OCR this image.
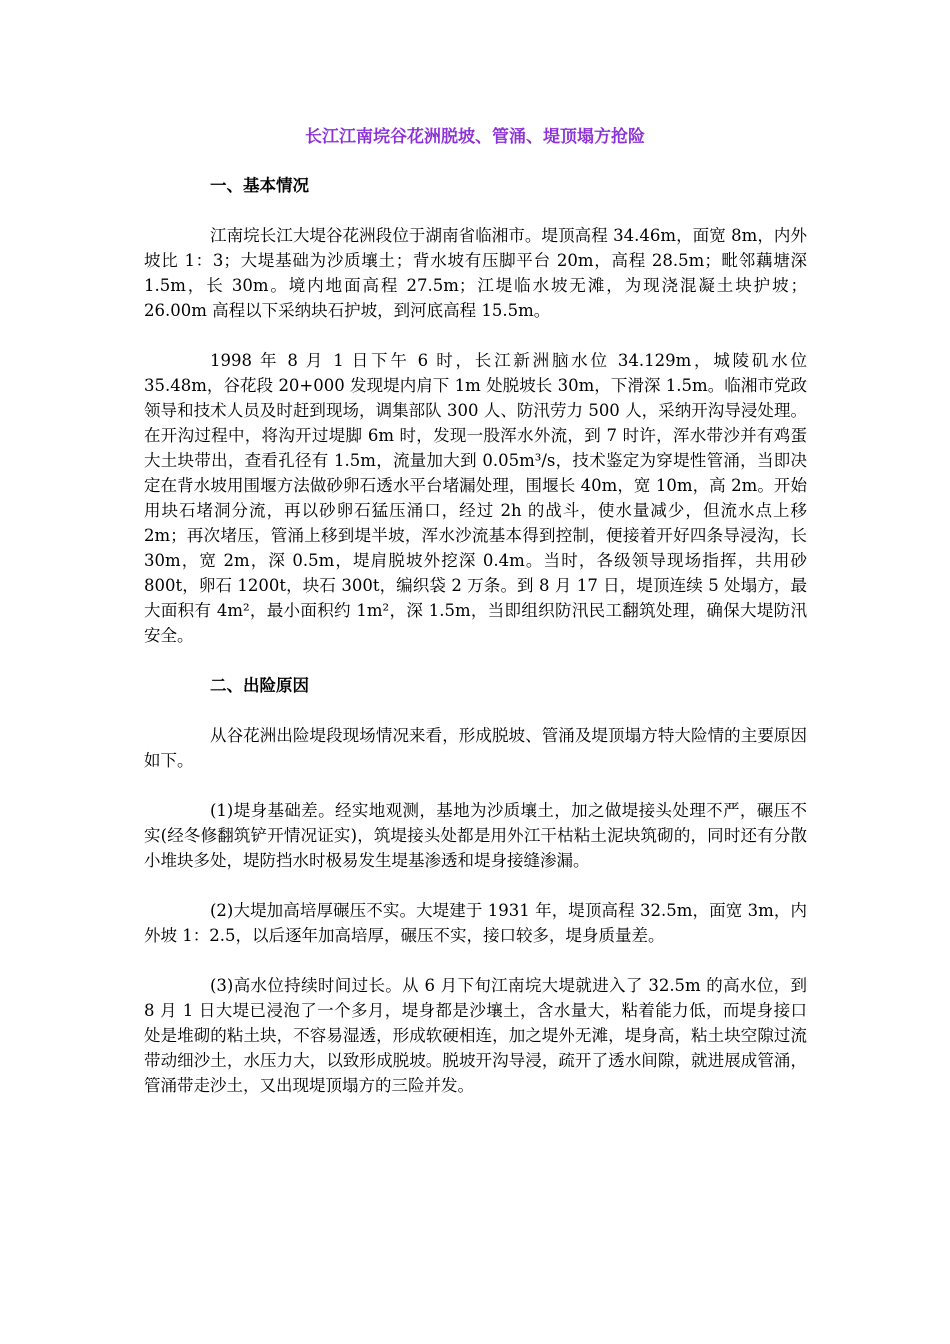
长江江南垸谷花洲脱坡、管涌、堤顶塌方抢险

一、基本情况

江南垸长江大堤谷花洲段位于湖南省临湘市。堤顶高程 34.46m，面宽 8m，内外坡比 1：3；大堤基础为沙质壤土；背水坡有压脚平台 20m，高程 28.5m；毗邻藕塘深 1.5m，长 30m。境内地面高程 27.5m；江堤临水坡无滩，为现浇混凝土块护坡；26.00m 高程以下采纳块石护坡，到河底高程 15.5m。

1998 年 8 月 1 日下午 6 时，长江新洲脑水位 34.129m，城陵矶水位 35.48m，谷花段 20+000 发现堤内肩下 1m 处脱坡长 30m，下滑深 1.5m。临湘市党政领导和技术人员及时赶到现场，调集部队 300 人、防汛劳力 500 人，采纳开沟导浸处理。在开沟过程中，将沟开过堤脚 6m 时，发现一股浑水外流，到 7 时许，浑水带沙并有鸡蛋大土块带出，查看孔径有 1.5m，流量加大到 0.05m³/s，技术鉴定为穿堤性管涌，当即决定在背水坡用围堰方法做砂卵石透水平台堵漏处理，围堰长 40m，宽 10m，高 2m。开始用块石堵洞分流，再以砂卵石猛压涌口，经过 2h 的战斗，使水量减少，但流水点上移 2m；再次堵压，管涌上移到堤半坡，浑水沙流基本得到控制，便接着开好四条导浸沟，长 30m，宽 2m，深 0.5m，堤肩脱坡外挖深 0.4m。当时，各级领导现场指挥，共用砂 800t，卵石 1200t，块石 300t，编织袋 2 万条。到 8 月 17 日，堤顶连续 5 处塌方，最大面积有 4m²，最小面积约 1m²，深 1.5m，当即组织防汛民工翻筑处理，确保大堤防汛安全。

二、出险原因

从谷花洲出险堤段现场情况来看，形成脱坡、管涌及堤顶塌方特大险情的主要原因如下。

(1)堤身基础差。经实地观测，基地为沙质壤土，加之做堤接头处理不严，碾压不实(经冬修翻筑铲开情况证实)，筑堤接头处都是用外江干枯粘土泥块筑砌的，同时还有分散小堆块多处，堤防挡水时极易发生堤基渗透和堤身接缝渗漏。

(2)大堤加高培厚碾压不实。大堤建于 1931 年，堤顶高程 32.5m，面宽 3m，内外坡 1：2.5，以后逐年加高培厚，碾压不实，接口较多，堤身质量差。

(3)高水位持续时间过长。从 6 月下旬江南垸大堤就进入了 32.5m 的高水位，到 8 月 1 日大堤已浸泡了一个多月，堤身都是沙壤土，含水量大，粘着能力低，而堤身接口处是堆砌的粘土块，不容易湿透，形成软硬相连，加之堤外无滩，堤身高，粘土块空隙过流带动细沙土，水压力大，以致形成脱坡。脱坡开沟导浸，疏开了透水间隙，就进展成管涌，管涌带走沙土，又出现堤顶塌方的三险并发。
